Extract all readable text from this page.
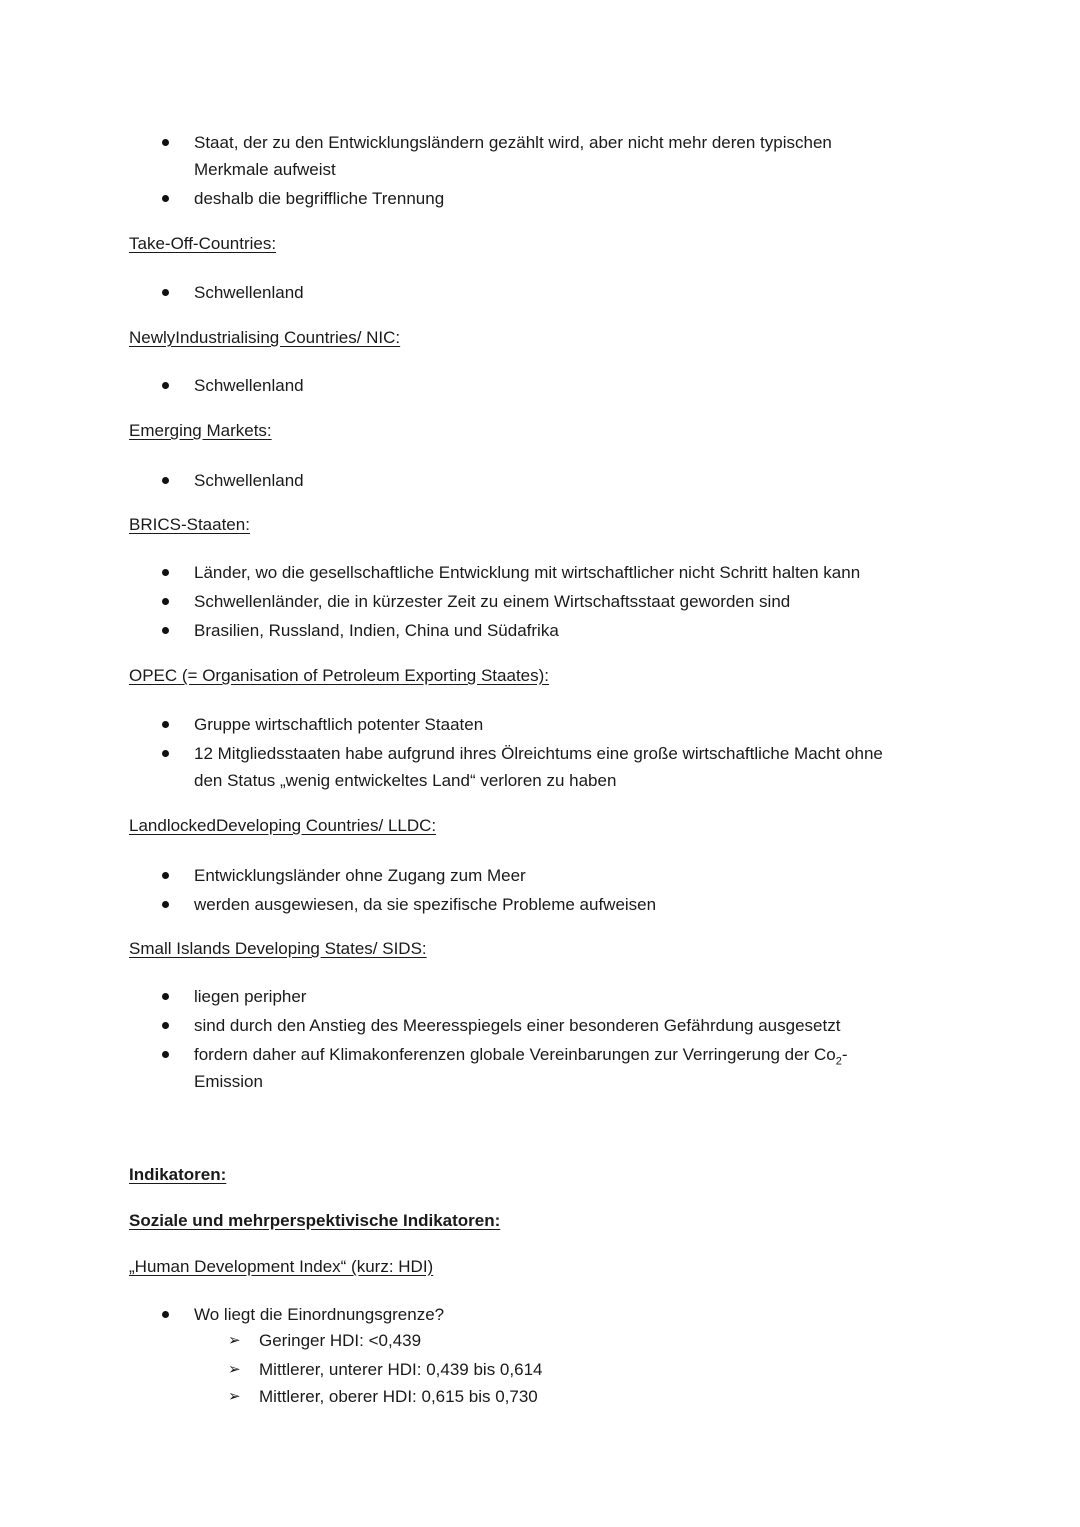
Staat, der zu den Entwicklungsländern gezählt wird, aber nicht mehr deren typischen
Merkmale aufweist
deshalb die begriffliche Trennung
Take-Off-Countries:
Schwellenland
NewlyIndustrialising Countries/ NIC:
Schwellenland
Emerging Markets:
Schwellenland
BRICS-Staaten:
Länder, wo die gesellschaftliche Entwicklung mit wirtschaftlicher nicht Schritt halten kann
Schwellenländer, die in kürzester Zeit zu einem Wirtschaftsstaat geworden sind
Brasilien, Russland, Indien, China und Südafrika
OPEC (= Organisation of Petroleum Exporting Staates):
Gruppe wirtschaftlich potenter Staaten
12 Mitgliedsstaaten habe aufgrund ihres Ölreichtums eine große wirtschaftliche Macht ohne
den Status „wenig entwickeltes Land“ verloren zu haben
LandlockedDeveloping Countries/ LLDC:
Entwicklungsländer ohne Zugang zum Meer
werden ausgewiesen, da sie spezifische Probleme aufweisen
Small Islands Developing States/ SIDS:
liegen peripher
sind durch den Anstieg des Meeresspiegels einer besonderen Gefährdung ausgesetzt
fordern daher auf Klimakonferenzen globale Vereinbarungen zur Verringerung der $Co_2-$
Emission
Indikatoren:
Soziale und mehrperspektivische Indikatoren:
„Human Development Index“ (kurz: HDI)
Wo liegt die Einordnungsgrenze?
➢ Geringer HDI: <0,439
➢ Mittlerer, unterer HDI: 0,439 bis 0,614
➢ Mittlerer, oberer HDI: 0,615 bis 0,730
